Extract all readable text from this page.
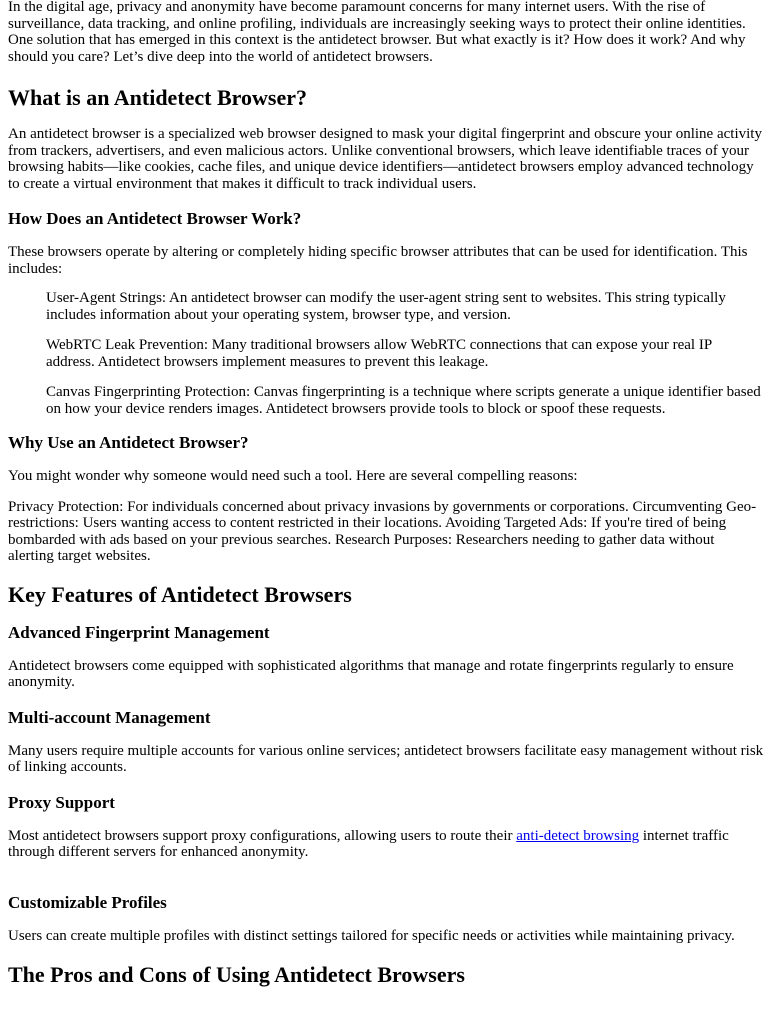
In the digital age, privacy and anonymity have become paramount concerns for many internet users. With the rise of surveillance, data tracking, and online profiling, individuals are increasingly seeking ways to protect their online identities. One solution that has emerged in this context is the antidetect browser. But what exactly is it? How does it work? And why should you care? Let’s dive deep into the world of antidetect browsers.

What is an Antidetect Browser?

An antidetect browser is a specialized web browser designed to mask your digital fingerprint and obscure your online activity from trackers, advertisers, and even malicious actors. Unlike conventional browsers, which leave identifiable traces of your browsing habits—like cookies, cache files, and unique device identifiers—antidetect browsers employ advanced technology to create a virtual environment that makes it difficult to track individual users.

How Does an Antidetect Browser Work?

These browsers operate by altering or completely hiding specific browser attributes that can be used for identification. This includes:

User-Agent Strings: An antidetect browser can modify the user-agent string sent to websites. This string typically includes information about your operating system, browser type, and version.

WebRTC Leak Prevention: Many traditional browsers allow WebRTC connections that can expose your real IP address. Antidetect browsers implement measures to prevent this leakage.

Canvas Fingerprinting Protection: Canvas fingerprinting is a technique where scripts generate a unique identifier based on how your device renders images. Antidetect browsers provide tools to block or spoof these requests.

Why Use an Antidetect Browser?

You might wonder why someone would need such a tool. Here are several compelling reasons:

Privacy Protection: For individuals concerned about privacy invasions by governments or corporations. Circumventing Geo-restrictions: Users wanting access to content restricted in their locations. Avoiding Targeted Ads: If you're tired of being bombarded with ads based on your previous searches. Research Purposes: Researchers needing to gather data without alerting target websites.

Key Features of Antidetect Browsers
Advanced Fingerprint Management

Antidetect browsers come equipped with sophisticated algorithms that manage and rotate fingerprints regularly to ensure anonymity.

Multi-account Management

Many users require multiple accounts for various online services; antidetect browsers facilitate easy management without risk of linking accounts.

Proxy Support

Most antidetect browsers support proxy configurations, allowing users to route their anti-detect browsing internet traffic through different servers for enhanced anonymity.

Customizable Profiles

Users can create multiple profiles with distinct settings tailored for specific needs or activities while maintaining privacy.

The Pros and Cons of Using Antidetect Browsers
